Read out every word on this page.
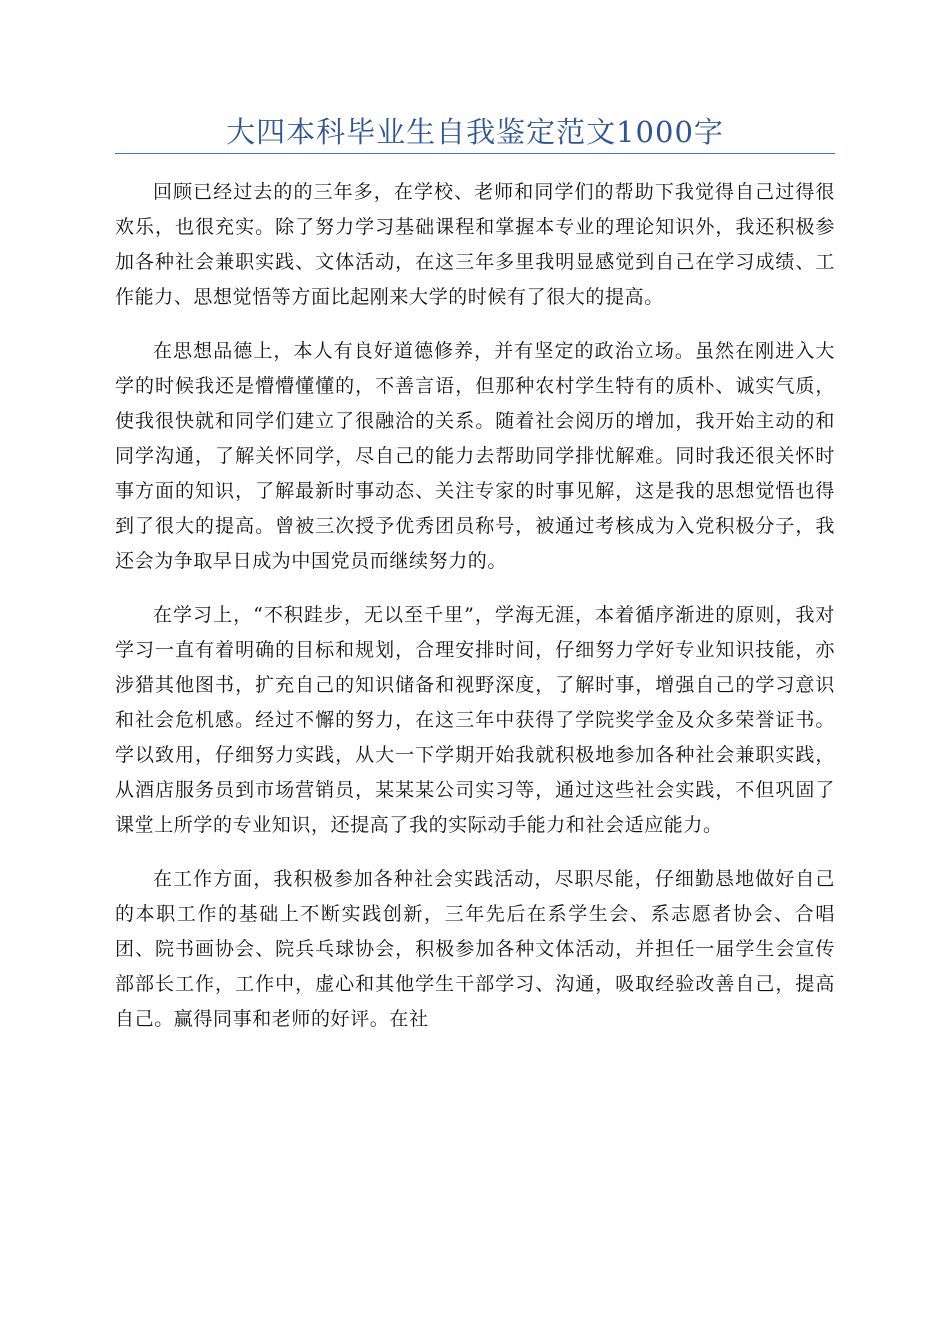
大四本科毕业生自我鉴定范文1000字

回顾已经过去的的三年多，在学校、老师和同学们的帮助下我觉得自己过得很欢乐，也很充实。除了努力学习基础课程和掌握本专业的理论知识外，我还积极参加各种社会兼职实践、文体活动，在这三年多里我明显感觉到自己在学习成绩、工作能力、思想觉悟等方面比起刚来大学的时候有了很大的提高。

在思想品德上，本人有良好道德修养，并有坚定的政治立场。虽然在刚进入大学的时候我还是懵懵懂懂的，不善言语，但那种农村学生特有的质朴、诚实气质，使我很快就和同学们建立了很融洽的关系。随着社会阅历的增加，我开始主动的和同学沟通，了解关怀同学，尽自己的能力去帮助同学排忧解难。同时我还很关怀时事方面的知识，了解最新时事动态、关注专家的时事见解，这是我的思想觉悟也得到了很大的提高。曾被三次授予优秀团员称号，被通过考核成为入党积极分子，我还会为争取早日成为中国党员而继续努力的。

在学习上，“不积跬步，无以至千里”，学海无涯，本着循序渐进的原则，我对学习一直有着明确的目标和规划，合理安排时间，仔细努力学好专业知识技能，亦涉猎其他图书，扩充自己的知识储备和视野深度，了解时事，增强自己的学习意识和社会危机感。经过不懈的努力，在这三年中获得了学院奖学金及众多荣誉证书。学以致用，仔细努力实践，从大一下学期开始我就积极地参加各种社会兼职实践，从酒店服务员到市场营销员，某某某公司实习等，通过这些社会实践，不但巩固了课堂上所学的专业知识，还提高了我的实际动手能力和社会适应能力。

在工作方面，我积极参加各种社会实践活动，尽职尽能，仔细勤恳地做好自己的本职工作的基础上不断实践创新，三年先后在系学生会、系志愿者协会、合唱团、院书画协会、院兵乓球协会，积极参加各种文体活动，并担任一届学生会宣传部部长工作，工作中，虚心和其他学生干部学习、沟通，吸取经验改善自己，提高自己。赢得同事和老师的好评。在社
